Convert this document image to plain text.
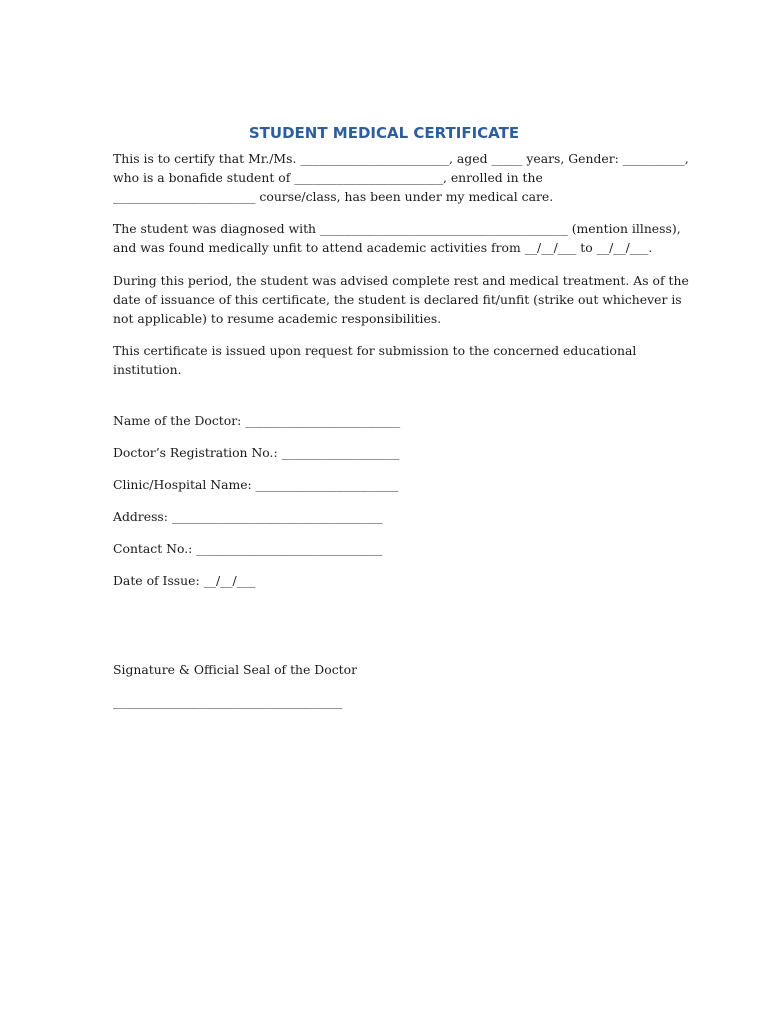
STUDENT MEDICAL CERTIFICATE
This is to certify that Mr./Ms. ________________________, aged _____ years, Gender: __________,
who is a bonafide student of ________________________, enrolled in the
_______________________ course/class, has been under my medical care.
The student was diagnosed with ________________________________________ (mention illness),
and was found medically unfit to attend academic activities from __/__/___ to __/__/___.
During this period, the student was advised complete rest and medical treatment. As of the
date of issuance of this certificate, the student is declared fit/unfit (strike out whichever is
not applicable) to resume academic responsibilities.
This certificate is issued upon request for submission to the concerned educational
institution.
Name of the Doctor: _________________________
Doctor’s Registration No.: ___________________
Clinic/Hospital Name: _______________________
Address: __________________________________
Contact No.: ______________________________
Date of Issue: __/__/___
Signature & Official Seal of the Doctor
_____________________________________
